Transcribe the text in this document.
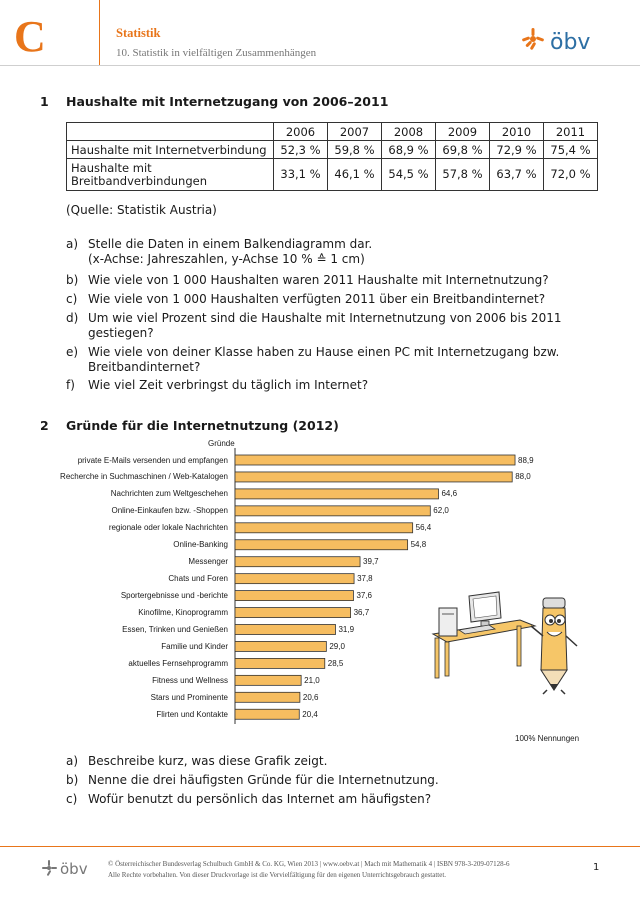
C	Statistik
10. Statistik in vielfältigen Zusammenhängen	öbv
1 Haushalte mit Internetzugang von 2006–2011
	2006	2007	2008	2009	2010	2011
Haushalte mit Internetverbindung	52,3 %	59,8 %	68,9 %	69,8 %	72,9 %	75,4 %
Haushalte mit
Breitbandverbindungen	33,1 %	46,1 %	54,5 %	57,8 %	63,7 %	72,0 %
(Quelle: Statistik Austria)
a) Stelle die Daten in einem Balkendiagramm dar.
(x-Achse: Jahreszahlen, y-Achse 10 % ≙ 1 cm)
b) Wie viele von 1 000 Haushalten waren 2011 Haushalte mit Internetnutzung?
c) Wie viele von 1 000 Haushalten verfügten 2011 über ein Breitbandinternet?
d) Um wie viel Prozent sind die Haushalte mit Internetnutzung von 2006 bis 2011
gestiegen?
e) Wie viele von deiner Klasse haben zu Hause einen PC mit Internetzugang bzw.
Breitbandinternet?
f)	Wie viel Zeit verbringst du täglich im Internet?
2 Gründe für die Internetnutzung (2012)
Gründe
100% Nennungen
88,9
private E-Mails versenden und empfangen
88,0
Recherche in Suchmaschinen / Web-Katalogen
64,6
Nachrichten zum Weltgeschehen
62,0
Online-Einkaufen bzw. -Shoppen
56,4
regionale oder lokale Nachrichten
54,8
Online-Banking
39,7
Messenger
37,8
Chats und Foren
37,6
Sportergebnisse und -berichte
36,7
Kinofilme, Kinoprogramm
31,9
Essen, Trinken und Genießen
29,0
Familie und Kinder
28,5
aktuelles Fernsehprogramm
21,0
Fitness und Wellness
20,6
Stars und Prominente
20,4
Flirten und Kontakte
a) Beschreibe kurz, was diese Grafik zeigt.
b) Nenne die drei häufigsten Gründe für die Internetnutzung.
c) Wofür benutzt du persönlich das Internet am häufigsten?
öbv	© Österreichischer Bundesverlag Schulbuch GmbH & Co. KG, Wien 2013 | www.oebv.at | Mach mit Mathematik 4 | ISBN 978-3-209-07128-6
Alle Rechte vorbehalten. Von dieser Druckvorlage ist die Vervielfältigung für den eigenen Unterrichtsgebrauch gestattet.
1
